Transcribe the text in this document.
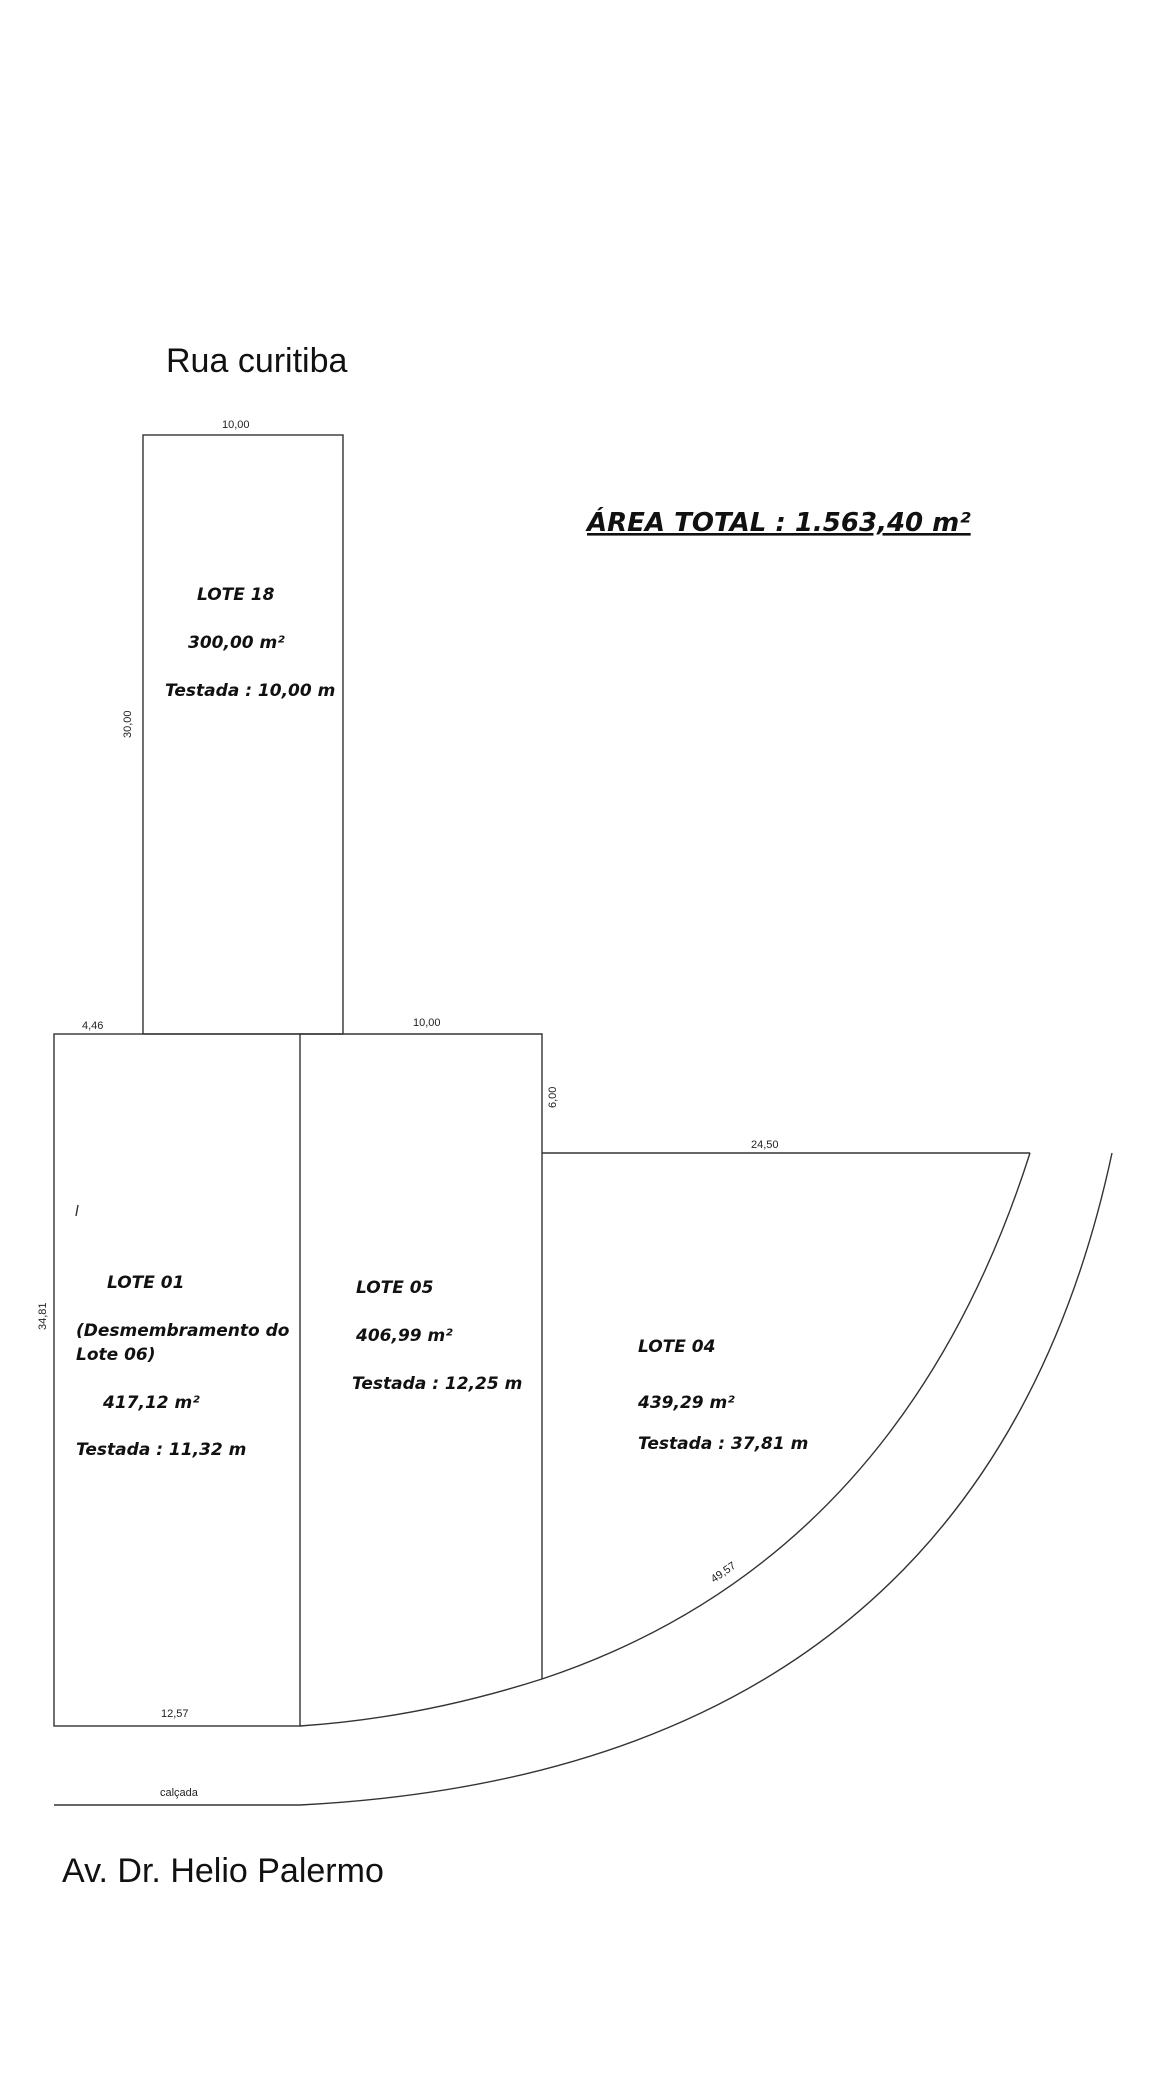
Rua curitiba
Av. Dr. Helio Palermo
ÁREA TOTAL : 1.563,40 m²
10,00
30,00
4,46
34,81
12,57
10,00
6,00
24,50
49,57
calçada
LOTE 18
300,00 m²
Testada : 10,00 m
LOTE 01
(Desmembramento do
Lote 06)
417,12 m²
Testada : 11,32 m
LOTE 05
406,99 m²
Testada : 12,25 m
LOTE 04
439,29 m²
Testada : 37,81 m
